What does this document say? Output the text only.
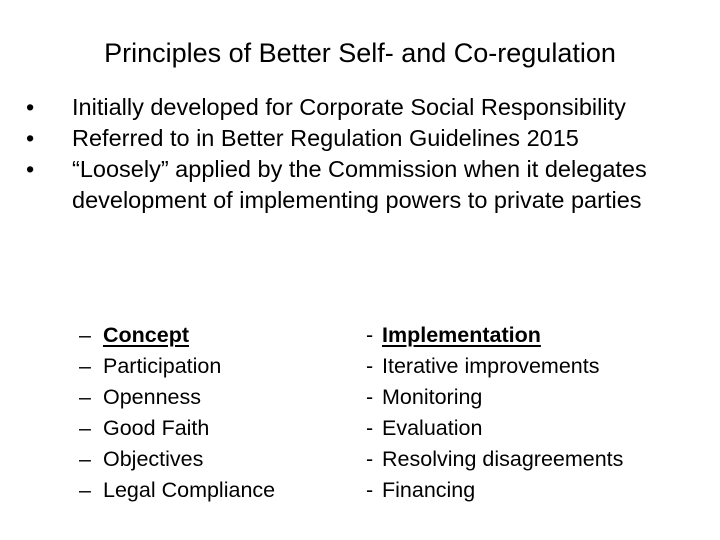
Principles of Better Self- and Co-regulation
•	Initially developed for Corporate Social Responsibility
•	Referred to in Better Regulation Guidelines 2015
•	“Loosely” applied by the Commission when it delegates development of implementing powers to private parties
– Concept
– Participation
– Openness
– Good Faith
– Objectives
– Legal Compliance
- Implementation
- Iterative improvements
- Monitoring
- Evaluation
- Resolving disagreements
- Financing
